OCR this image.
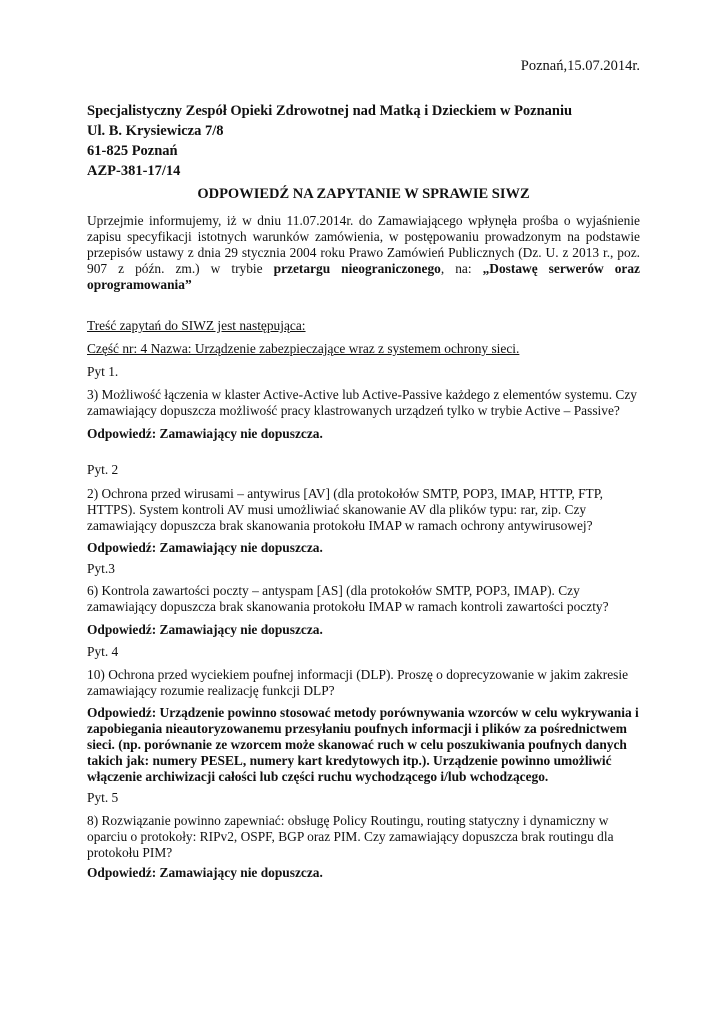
Poznań,15.07.2014r.
Specjalistyczny Zespół Opieki Zdrowotnej nad Matką i Dzieckiem w Poznaniu
Ul. B. Krysiewicza 7/8
61-825 Poznań
AZP-381-17/14
ODPOWIEDŹ NA ZAPYTANIE W SPRAWIE SIWZ
Uprzejmie informujemy, iż w dniu 11.07.2014r. do Zamawiającego wpłynęła prośba o wyjaśnienie zapisu specyfikacji istotnych warunków zamówienia, w postępowaniu prowadzonym na podstawie przepisów ustawy z dnia 29 stycznia 2004 roku Prawo Zamówień Publicznych (Dz. U. z 2013 r., poz. 907 z późn. zm.) w trybie przetargu nieograniczonego, na: „Dostawę serwerów oraz oprogramowania”
Treść zapytań do SIWZ jest następująca:
Część nr: 4 Nazwa: Urządzenie zabezpieczające wraz z systemem ochrony sieci.
Pyt 1.
3) Możliwość łączenia w klaster Active-Active lub Active-Passive każdego z elementów systemu. Czy zamawiający dopuszcza możliwość pracy klastrowanych urządzeń tylko w trybie Active – Passive?
Odpowiedź: Zamawiający nie dopuszcza.
Pyt. 2
2) Ochrona przed wirusami – antywirus [AV] (dla protokołów SMTP, POP3, IMAP, HTTP, FTP, HTTPS). System kontroli AV musi umożliwiać skanowanie AV dla plików typu: rar, zip. Czy zamawiający dopuszcza brak skanowania protokołu IMAP w ramach ochrony antywirusowej?
Odpowiedź: Zamawiający nie dopuszcza.
Pyt.3
6) Kontrola zawartości poczty – antyspam [AS] (dla protokołów SMTP, POP3, IMAP). Czy zamawiający dopuszcza brak skanowania protokołu IMAP w ramach kontroli zawartości poczty?
Odpowiedź: Zamawiający nie dopuszcza.
Pyt. 4
10) Ochrona przed wyciekiem poufnej informacji (DLP). Proszę o doprecyzowanie w jakim zakresie zamawiający rozumie realizację funkcji DLP?
Odpowiedź: Urządzenie powinno stosować metody porównywania wzorców w celu wykrywania i zapobiegania nieautoryzowanemu przesyłaniu poufnych informacji i plików za pośrednictwem sieci. (np. porównanie ze wzorcem może skanować ruch w celu poszukiwania poufnych danych takich jak: numery PESEL, numery kart kredytowych itp.). Urządzenie powinno umożliwić włączenie archiwizacji całości lub części ruchu wychodzącego i/lub wchodzącego.
Pyt. 5
8) Rozwiązanie powinno zapewniać: obsługę Policy Routingu, routing statyczny i dynamiczny w oparciu o protokoły: RIPv2, OSPF, BGP oraz PIM. Czy zamawiający dopuszcza brak routingu dla protokołu PIM?
Odpowiedź: Zamawiający nie dopuszcza.
